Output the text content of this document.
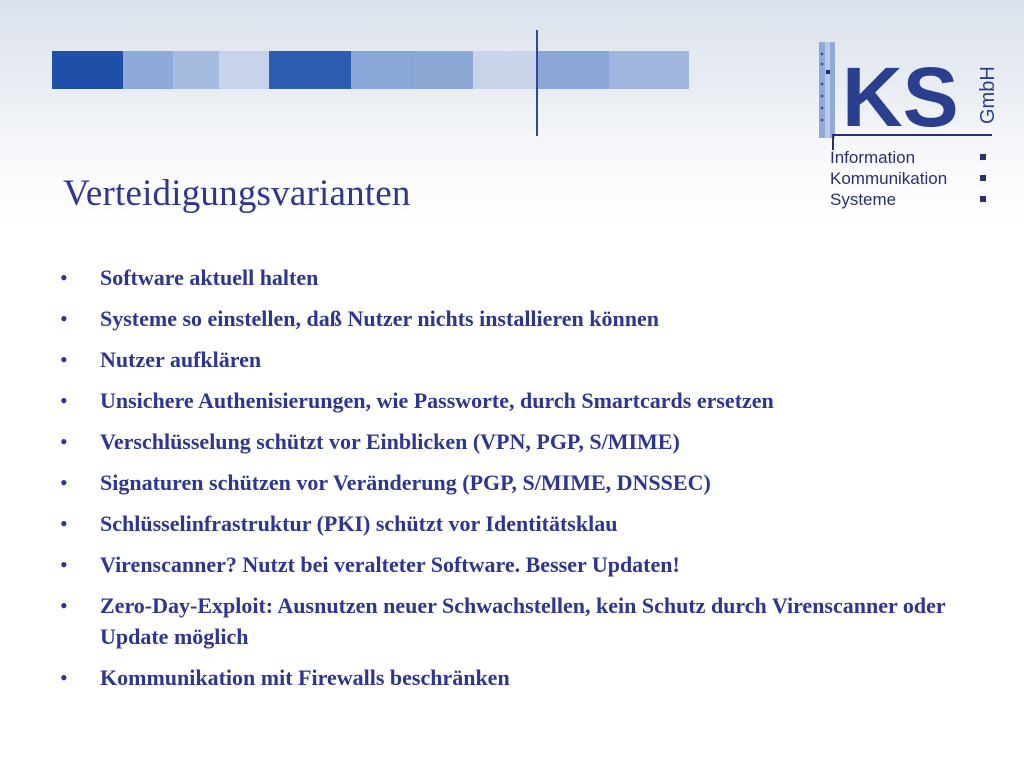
KS GmbH
Information
Kommunikation
Systeme
Verteidigungsvarianten
• Software aktuell halten
• Systeme so einstellen, daß Nutzer nichts installieren können
• Nutzer aufklären
• Unsichere Authenisierungen, wie Passworte, durch Smartcards ersetzen
• Verschlüsselung schützt vor Einblicken (VPN, PGP, S/MIME)
• Signaturen schützen vor Veränderung (PGP, S/MIME, DNSSEC)
• Schlüsselinfrastruktur (PKI) schützt vor Identitätsklau
• Virenscanner? Nutzt bei veralteter Software. Besser Updaten!
• Zero-Day-Exploit: Ausnutzen neuer Schwachstellen, kein Schutz durch Virenscanner oder Update möglich
• Kommunikation mit Firewalls beschränken
